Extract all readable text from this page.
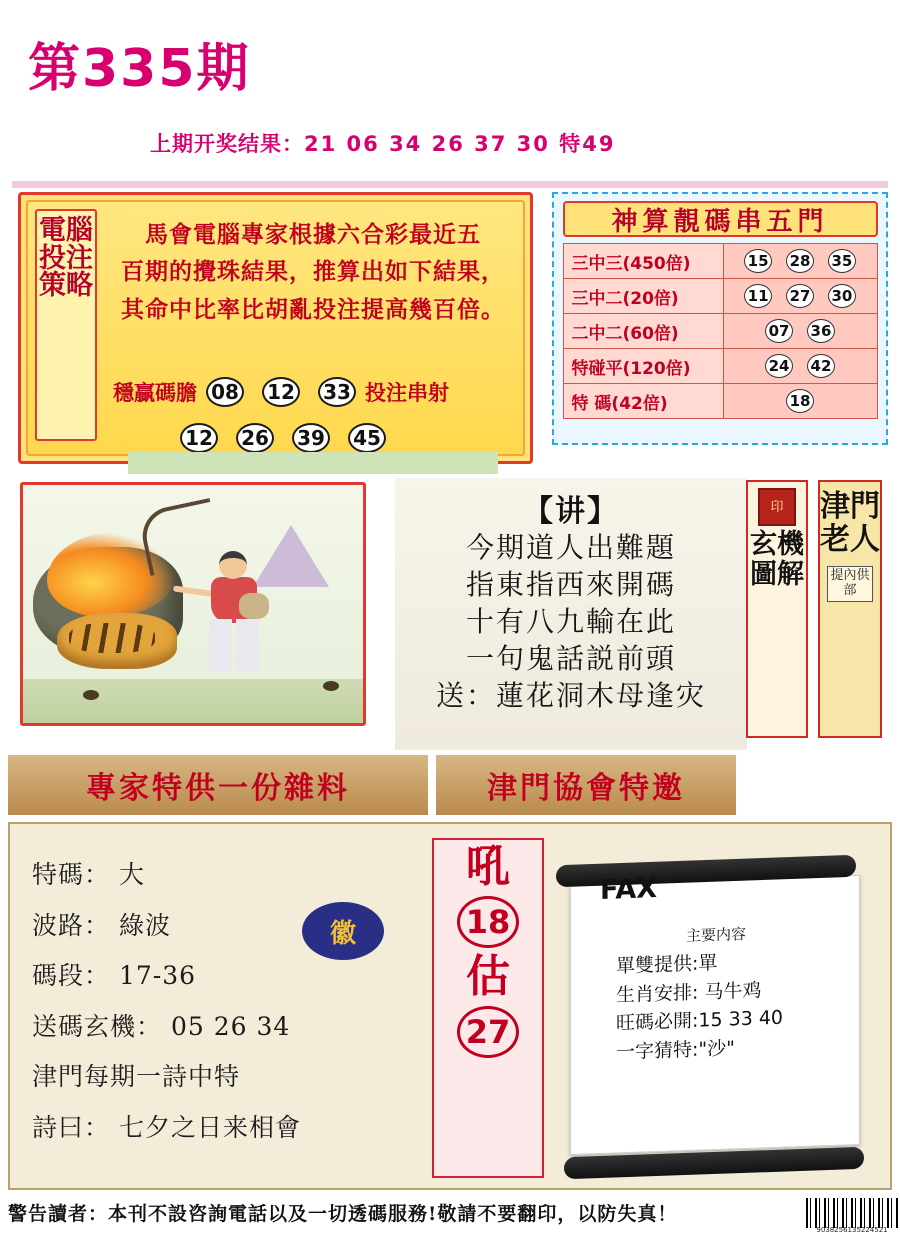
第335期
上期开奖结果：21 06 34 26 37 30 特49
電腦投注策略
馬會電腦專家根據六合彩最近五
百期的攪珠結果，推算出如下結果，
其命中比率比胡亂投注提高幾百倍。
穩贏碼膽 08 12 33 投注串射
12 26 39 45
神算靚碼串五門
三中三(450倍)	15 28 35
三中二(20倍)	11 27 30
二中二(60倍)	07 36
特碰平(120倍)	24 42
特 碼(42倍)	18
【讲】
今期道人出難題
指東指西來開碼
十有八九輸在此
一句鬼話説前頭
送：蓮花洞木母逢灾
印
玄機圖解
津門老人
提內供部
專家特供一份雜料	津門協會特邀
特碼： 大
波路： 綠波
碼段： 17-36
送碼玄機： 05 26 34
津門每期一詩中特
詩曰： 七夕之日来相會
徽
吼
18
估
27
FAX
主要内容
單雙提供:單
生肖安排: 马牛鸡
旺碼必開:15 33 40
一字猜特:"沙"
警告讀者：本刊不設咨詢電話以及一切透碼服務!敬請不要翻印，以防失真！
9038256135224521
